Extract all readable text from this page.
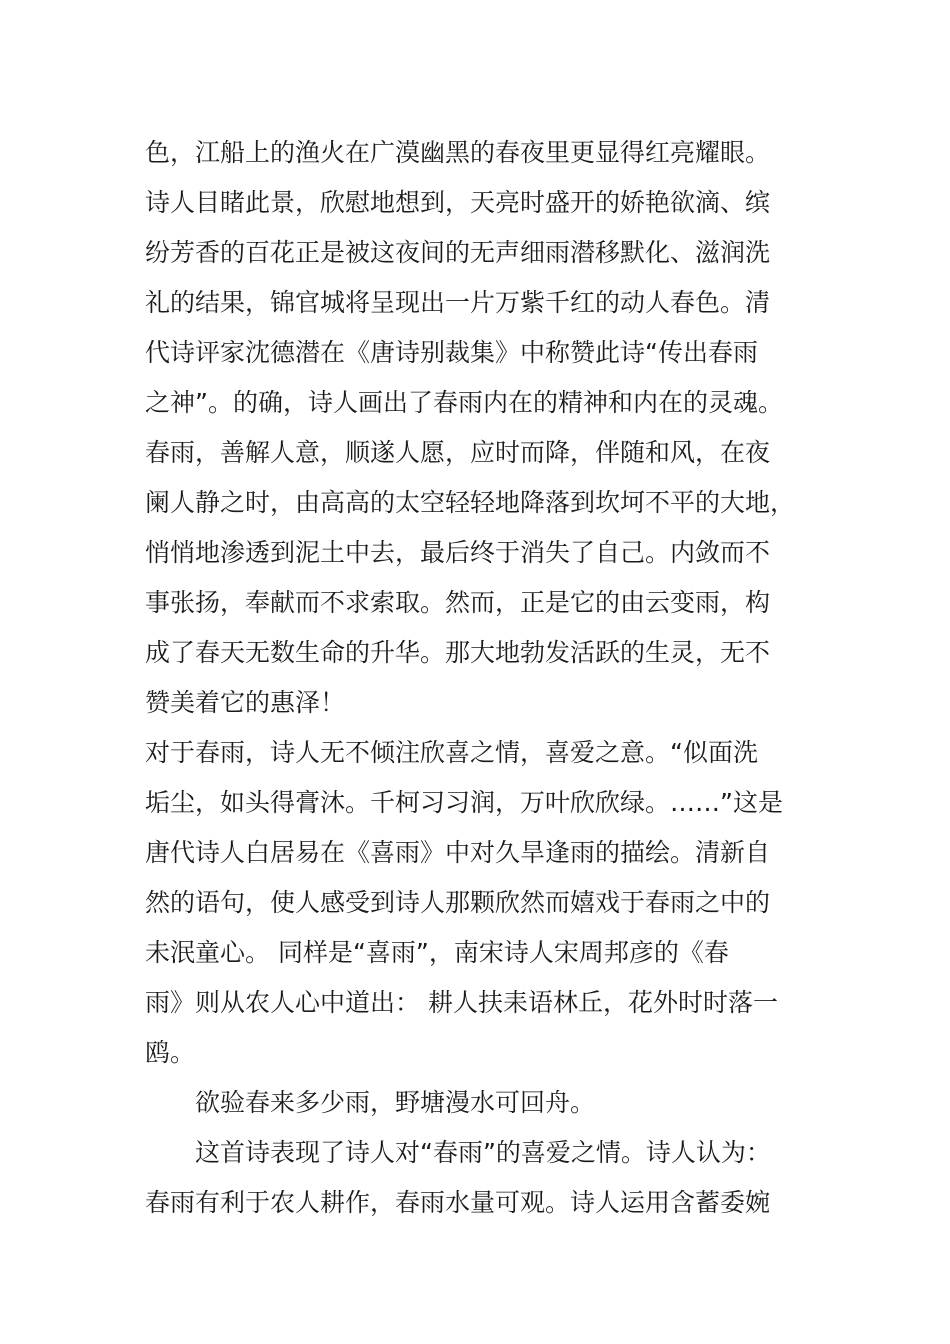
色，江船上的渔火在广漠幽黑的春夜里更显得红亮耀眼。
诗人目睹此景，欣慰地想到，天亮时盛开的娇艳欲滴、缤
纷芳香的百花正是被这夜间的无声细雨潜移默化、滋润洗
礼的结果，锦官城将呈现出一片万紫千红的动人春色。清
代诗评家沈德潜在《唐诗别裁集》中称赞此诗“传出春雨
之神”。的确，诗人画出了春雨内在的精神和内在的灵魂。
春雨，善解人意，顺遂人愿，应时而降，伴随和风，在夜
阑人静之时，由高高的太空轻轻地降落到坎坷不平的大地，
悄悄地渗透到泥土中去，最后终于消失了自己。内敛而不
事张扬，奉献而不求索取。然而，正是它的由云变雨，构
成了春天无数生命的升华。那大地勃发活跃的生灵，无不
赞美着它的惠泽！
对于春雨，诗人无不倾注欣喜之情，喜爱之意。“似面洗
垢尘，如头得膏沐。千柯习习润，万叶欣欣绿。……”这是
唐代诗人白居易在《喜雨》中对久旱逢雨的描绘。清新自
然的语句，使人感受到诗人那颗欣然而嬉戏于春雨之中的
未泯童心。 同样是“喜雨”，南宋诗人宋周邦彦的《春
雨》则从农人心中道出： 耕人扶耒语林丘，花外时时落一
鸥。
欲验春来多少雨，野塘漫水可回舟。
这首诗表现了诗人对“春雨”的喜爱之情。诗人认为：
春雨有利于农人耕作，春雨水量可观。诗人运用含蓄委婉
